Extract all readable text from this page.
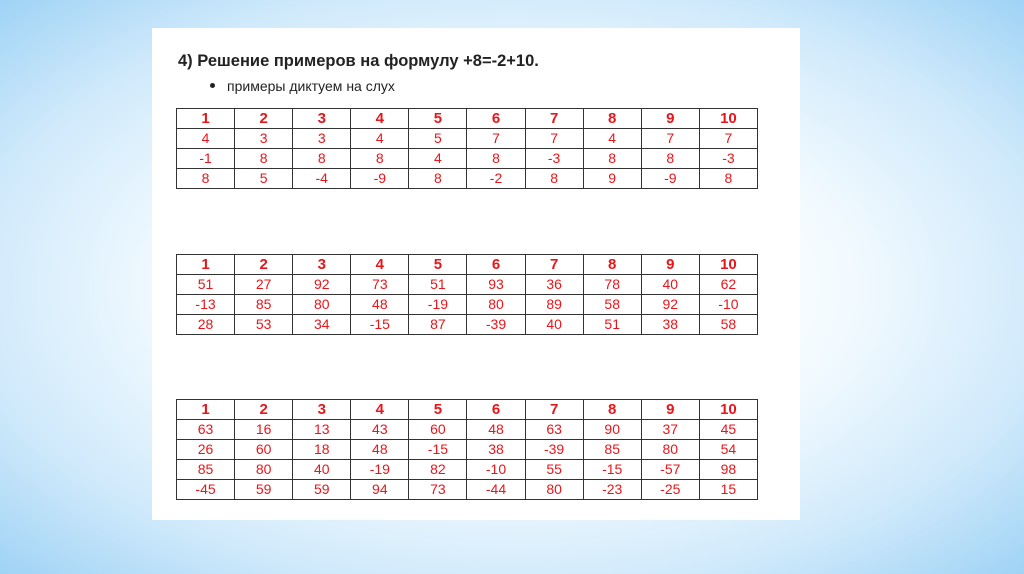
4) Решение примеров на формулу +8=-2+10.
примеры диктуем на слух
1	2	3	4	5	6	7	8	9	10
4	3	3	4	5	7	7	4	7	7
-1	8	8	8	4	8	-3	8	8	-3
8	5	-4	-9	8	-2	8	9	-9	8
1	2	3	4	5	6	7	8	9	10
51	27	92	73	51	93	36	78	40	62
-13	85	80	48	-19	80	89	58	92	-10
28	53	34	-15	87	-39	40	51	38	58
1	2	3	4	5	6	7	8	9	10
63	16	13	43	60	48	63	90	37	45
26	60	18	48	-15	38	-39	85	80	54
85	80	40	-19	82	-10	55	-15	-57	98
-45	59	59	94	73	-44	80	-23	-25	15
